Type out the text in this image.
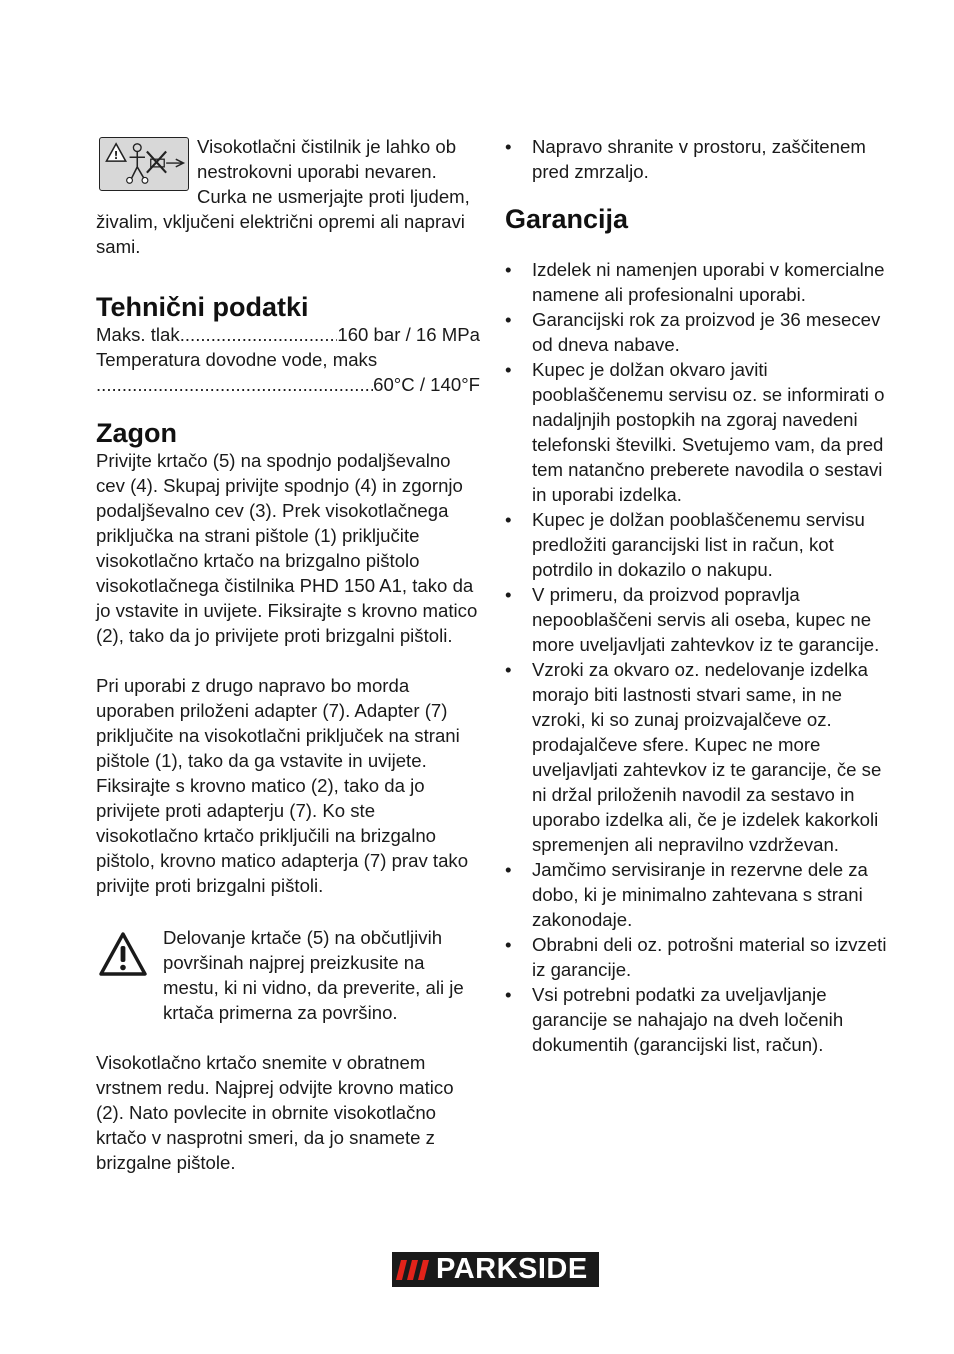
!	Visokotlačni čistilnik je lahko ob nestrokovni uporabi nevaren. Curka ne usmerjajte proti ljudem, živalim, vključeni električni opremi ali napravi sami.

Tehnični podatki
Maks. tlak
.....	160 bar / 16 MPa
Temperatura dovodne vode, maks
.....
60°C / 140°F
Zagon

Privijte krtačo (5) na spodnjo podaljševalno cev (4). Skupaj privijte spodnjo (4) in zgornjo podaljševalno cev (3). Prek visokotlačnega priključka na strani pištole (1) priključite visokotlačno krtačo na brizgalno pištolo visokotlačnega čistilnika PHD 150 A1, tako da jo vstavite in uvijete. Fiksirajte s krovno matico (2), tako da jo privijete proti brizgalni pištoli.

Pri uporabi z drugo napravo bo morda uporaben priloženi adapter (7). Adapter (7) priključite na visokotlačni priključek na strani pištole (1), tako da ga vstavite in uvijete. Fiksirajte s krovno matico (2), tako da jo privijete proti adapterju (7). Ko ste visokotlačno krtačo priključili na brizgalno pištolo, krovno matico adapterja (7) prav tako privijte proti brizgalni pištoli.

Delovanje krtače (5) na občutljivih površinah najprej preizkusite na mestu, ki ni vidno, da preverite, ali je krtača primerna za površino.

Visokotlačno krtačo snemite v obratnem vrstnem redu. Najprej odvijte krovno matico (2). Nato povlecite in obrnite visokotlačno krtačo v nasprotni smeri, da jo snamete z brizgalne pištole.

• Napravo shranite v prostoru, zaščitenem pred zmrzaljo.
Garancija
• Izdelek ni namenjen uporabi v komercialne namene ali profesionalni uporabi.
• Garancijski rok za proizvod je 36 mesecev od dneva nabave.
• Kupec je dolžan okvaro javiti pooblaščenemu servisu oz. se informirati o nadaljnjih postopkih na zgoraj navedeni telefonski številki. Svetujemo vam, da pred tem natančno preberete navodila o sestavi in uporabi izdelka.
• Kupec je dolžan pooblaščenemu servisu predložiti garancijski list in račun, kot potrdilo in dokazilo o nakupu.
• V primeru, da proizvod popravlja nepooblaščeni servis ali oseba, kupec ne more uveljavljati zahtevkov iz te garancije.
• Vzroki za okvaro oz. nedelovanje izdelka morajo biti lastnosti stvari same, in ne vzroki, ki so zunaj proizvajalčeve oz. prodajalčeve sfere. Kupec ne more uveljavljati zahtevkov iz te garancije, če se ni držal priloženih navodil za sestavo in uporabo izdelka ali, če je izdelek kakorkoli spremenjen ali nepravilno vzdrževan.
• Jamčimo servisiranje in rezervne dele za dobo, ki je minimalno zahtevana s strani zakonodaje.
• Obrabni deli oz. potrošni material so izvzeti iz garancije.
• Vsi potrebni podatki za uveljavljanje garancije se nahajajo na dveh ločenih dokumentih (garancijski list, račun).
PARKSIDE
